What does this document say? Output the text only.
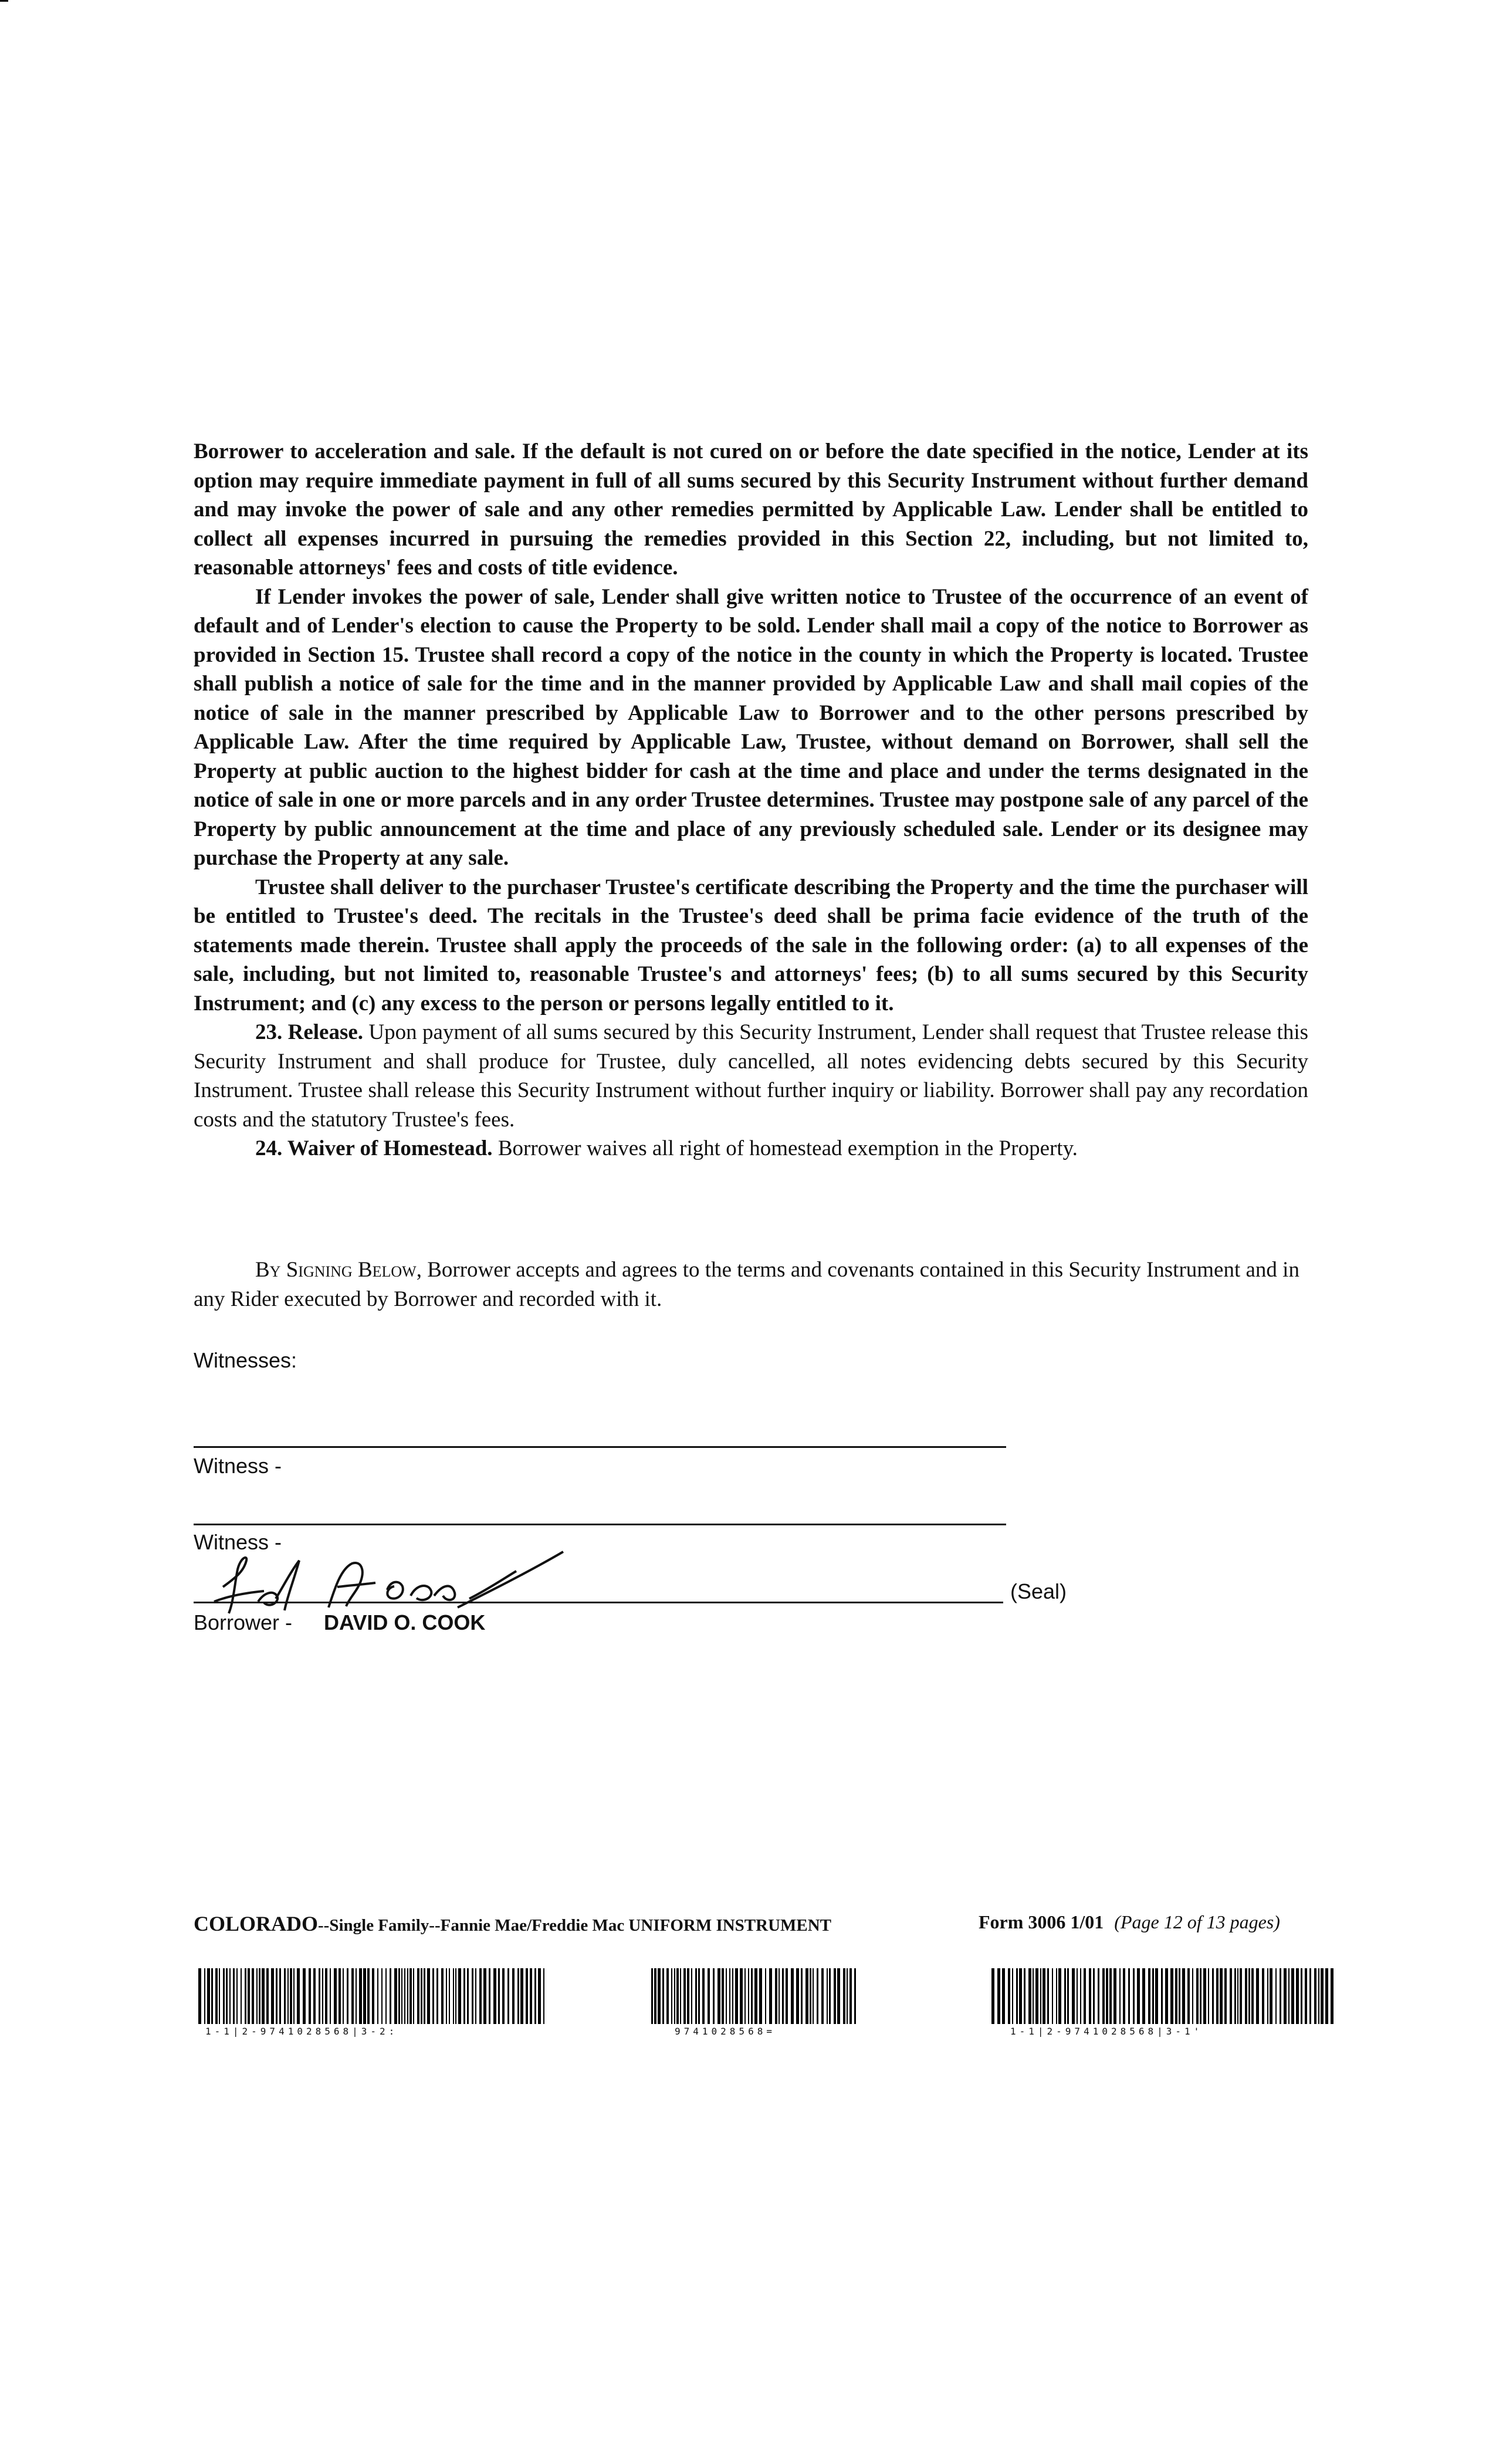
Borrower to acceleration and sale. If the default is not cured on or before the date specified in the notice, Lender at its option may require immediate payment in full of all sums secured by this Security Instrument without further demand and may invoke the power of sale and any other remedies permitted by Applicable Law. Lender shall be entitled to collect all expenses incurred in pursuing the remedies provided in this Section 22, including, but not limited to, reasonable attorneys' fees and costs of title evidence.

If Lender invokes the power of sale, Lender shall give written notice to Trustee of the occurrence of an event of default and of Lender's election to cause the Property to be sold. Lender shall mail a copy of the notice to Borrower as provided in Section 15. Trustee shall record a copy of the notice in the county in which the Property is located. Trustee shall publish a notice of sale for the time and in the manner provided by Applicable Law and shall mail copies of the notice of sale in the manner prescribed by Applicable Law to Borrower and to the other persons prescribed by Applicable Law. After the time required by Applicable Law, Trustee, without demand on Borrower, shall sell the Property at public auction to the highest bidder for cash at the time and place and under the terms designated in the notice of sale in one or more parcels and in any order Trustee determines. Trustee may postpone sale of any parcel of the Property by public announcement at the time and place of any previously scheduled sale. Lender or its designee may purchase the Property at any sale.

Trustee shall deliver to the purchaser Trustee's certificate describing the Property and the time the purchaser will be entitled to Trustee's deed. The recitals in the Trustee's deed shall be prima facie evidence of the truth of the statements made therein. Trustee shall apply the proceeds of the sale in the following order: (a) to all expenses of the sale, including, but not limited to, reasonable Trustee's and attorneys' fees; (b) to all sums secured by this Security Instrument; and (c) any excess to the person or persons legally entitled to it.

23. Release. Upon payment of all sums secured by this Security Instrument, Lender shall request that Trustee release this Security Instrument and shall produce for Trustee, duly cancelled, all notes evidencing debts secured by this Security Instrument. Trustee shall release this Security Instrument without further inquiry or liability. Borrower shall pay any recordation costs and the statutory Trustee's fees.

24. Waiver of Homestead. Borrower waives all right of homestead exemption in the Property.

By Signing Below, Borrower accepts and agrees to the terms and covenants contained in this Security Instrument and in any Rider executed by Borrower and recorded with it.

Witnesses:
Witness -
Witness -
(Seal)
Borrower - DAVID O. COOK
COLORADO--Single Family--Fannie Mae/Freddie Mac UNIFORM INSTRUMENT	Form 3006 1/01 (Page 12 of 13 pages)
1-1|2-9741028568|3-2:	9741028568=	1-1|2-9741028568|3-1'
